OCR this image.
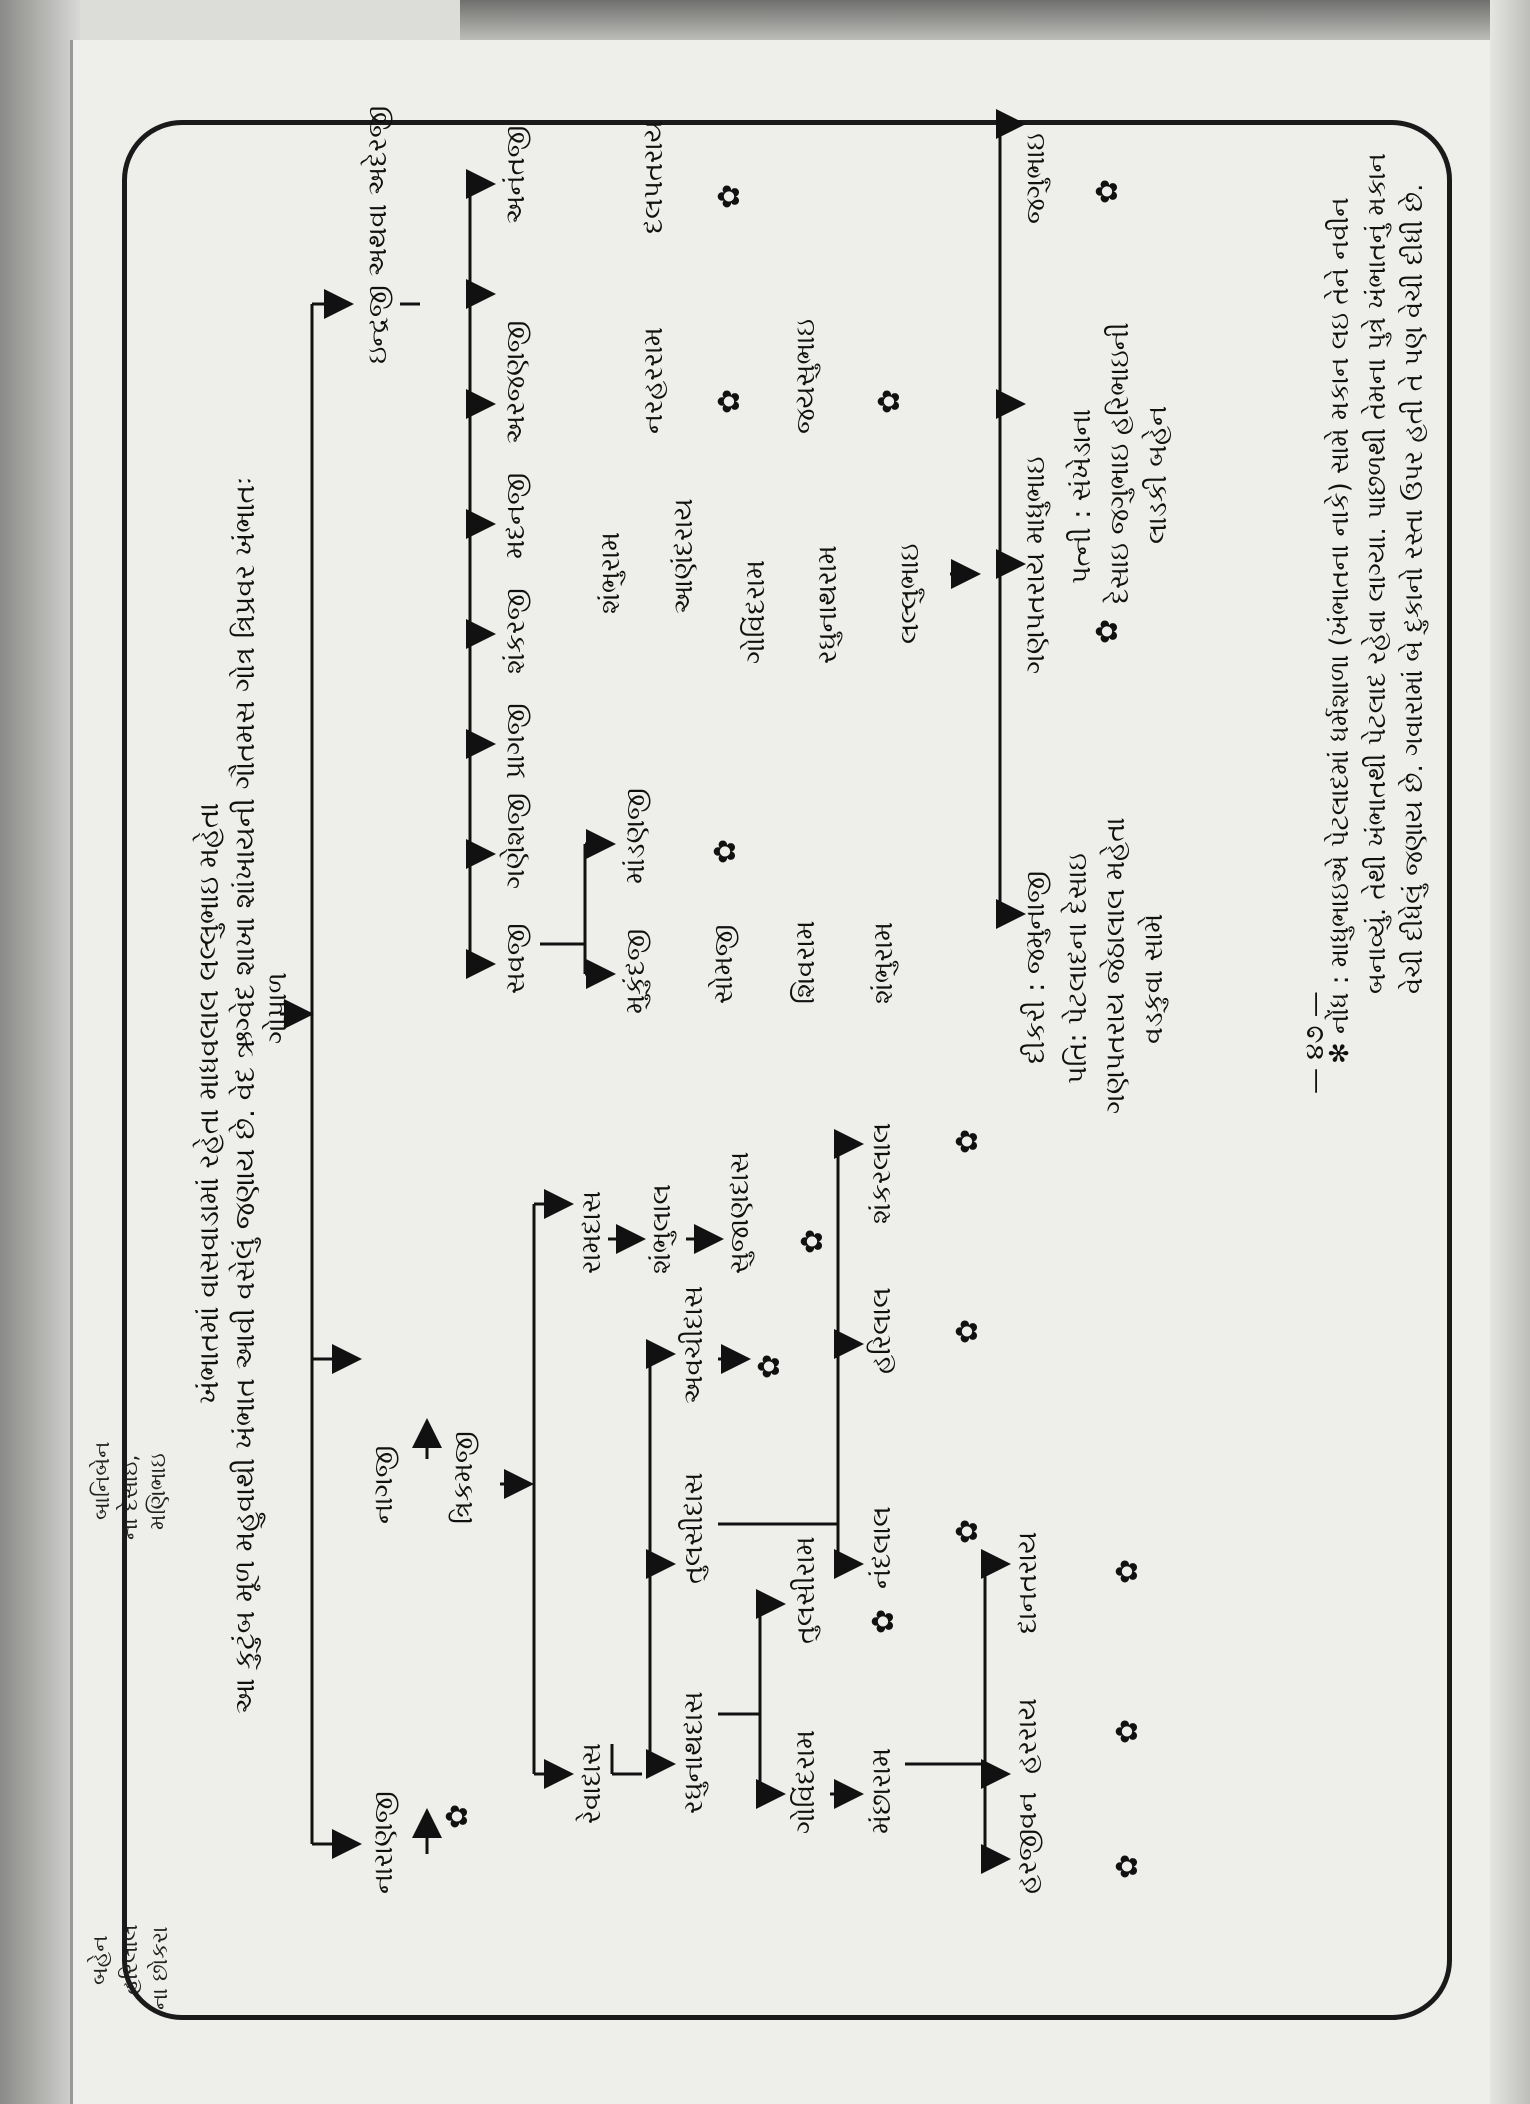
બહેન હરિલાલ ના છોકરા
બાનિબેન ના દેસાઇ, મણિભાઇ
ખંભાતમાં વાસવાડામાં રહેતા માધવલાલ લલ્લુભાઇ મહેતા આ કુટુંબ મૂળ મહુવાથી ખંભાત આવી વસેલું જણાય છે. વેદ ઋગ્વેદ શાખા શાંખાયની ગૌતમસ ગોત્ર ત્રિપ્રવર ખંભાતઃ ગોપાળ
નારાણજી
નાગજી ત્રિકમજી
ઇન્દ્રજી અથવા અદેરજી
✿	રેવાદાસ
રામદાસ
રઘુનાથદાસ
તુલસીદાસ
અવચીદાસ
શંભુલાલ સુજાણદાસ
✿
✿
ગોવિંદરામ
તુલસીરામ
મંછારામ
✿
નંદલાલ
હરિલાલ
શંકરલાલ
✿
✿
✿
હરજીવન
હરરાય
દાનતરાય
✿
✿
✿
સવજી
ગણેશજી
પ્રાગજી
શંકરજી
મદનજી
અરજણજી
અનંતજી
મુકુંદજી
માંડણજી
સોમજી
✿
શિવરામ શંભુરામ
શંભુરામ આણંદરાય ગોવિંદરામ રઘુનાથરામ લલ્લુભાઇ
નરહરરામ ✿ જયસુભાઇ ✿
દલપતરાય ✿
ગણપતરાય
માધુભાઇ
જગુભાઇ
✿
✿
પત્ની : સંખેડાના દેસાઇ જગુભાઇ હરિભાઇની લાડકી બહેન
દીકરી : જમુનાજી પતિ: પેટલાદના દેસાઇ ગણપતરાય જેઠાલાલ મહેતા વડકુવા સામે	✻ નોંધ : માધુભાઇએ પેટલાદમાં ધર્મશાળા (ખંભાતના નાકે) સામે મકાન લઇ તેને નવીન બનાવ્યું. તેથી ખંભાતથી પેટલાદ રહેવા લાગ્યા. પાછળથી તેમના પુત્રે ખંભાતનું મકાન વેચી દીધેલું જણાય છે. ગવારામાં બે દુકાનો રસ્તા ઉપર હતી તે પણ વેચી દીધી છે.
— ૪૭ —
